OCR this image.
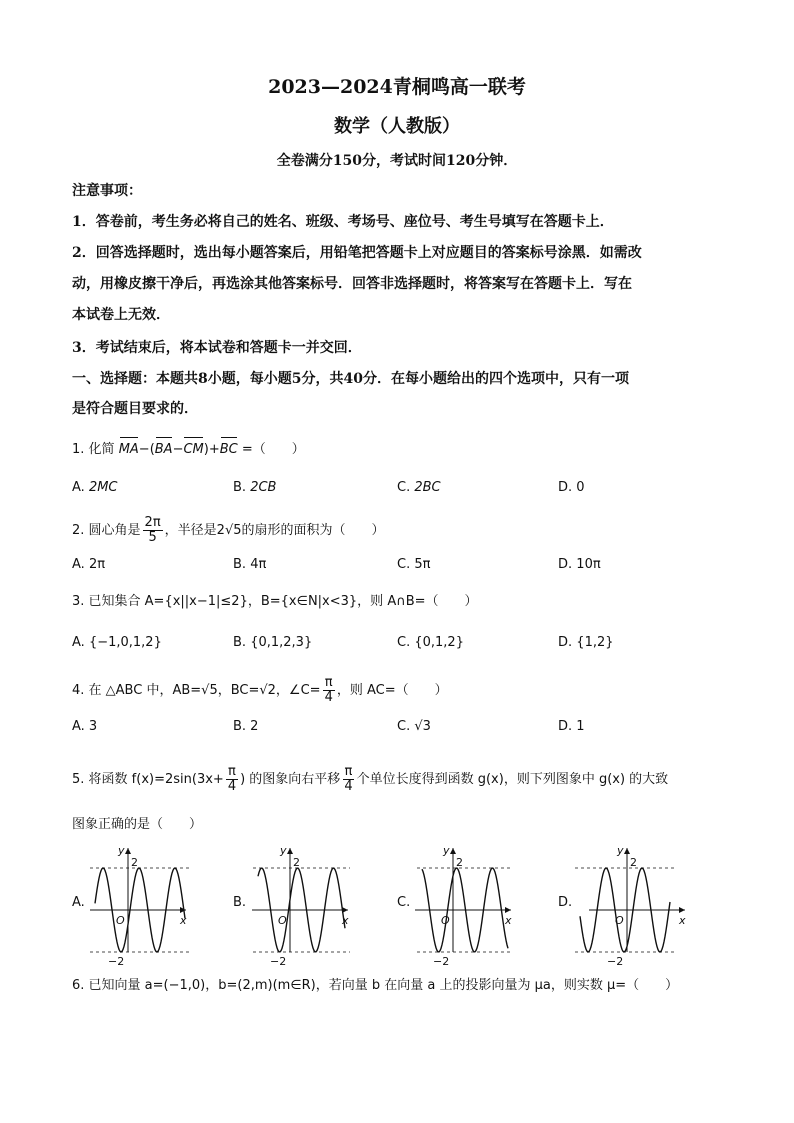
2023—2024青桐鸣高一联考
数学（人教版）
全卷满分150分，考试时间120分钟．
注意事项：
1．答卷前，考生务必将自己的姓名、班级、考场号、座位号、考生号填写在答题卡上．
2．回答选择题时，选出每小题答案后，用铅笔把答题卡上对应题目的答案标号涂黑．如需改
动，用橡皮擦干净后，再选涂其他答案标号．回答非选择题时，将答案写在答题卡上．写在
本试卷上无效．
3．考试结束后，将本试卷和答题卡一并交回．
一、选择题：本题共8小题，每小题5分，共40分．在每小题给出的四个选项中，只有一项
是符合题目要求的．
1. 化简 MA−(BA−CM)+BC =（　　）
A. 2MC	B. 2CB	C. 2BC	D. 0
2. 圆心角是 $\frac{2\pi}{5}$ ，半径是2√5的扇形的面积为（　　）
A. 2π	B. 4π	C. 5π	D. 10π
3. 已知集合 A={x||x−1|≤2}，B={x∈N|x<3}，则 A∩B=（　　）
A. {−1,0,1,2}	B. {0,1,2,3}	C. {0,1,2}	D. {1,2}
4. 在 △ABC 中，AB=√5，BC=√2，∠C= $\frac{\pi}{4}$ ，则 AC=（　　）
A. 3	B. 2	C. √3	D. 1
5. 将函数 $f(x)=2\sin(3x+ \frac{\pi}{4}$ ) 的图象向右平移 $\frac{\pi}{4}$ 个单位长度得到函数 g(x)，则下列图象中 g(x) 的大致
图象正确的是（　　）
A.	B.	C.	D.
y
x
O
2
−2
y
x
O
2
−2
y
x
O
2
−2
y
x
O
2
−2
6. 已知向量 a=(−1,0)，b=(2,m)(m∈R)，若向量 b 在向量 a 上的投影向量为 μa，则实数 μ=（　　）
